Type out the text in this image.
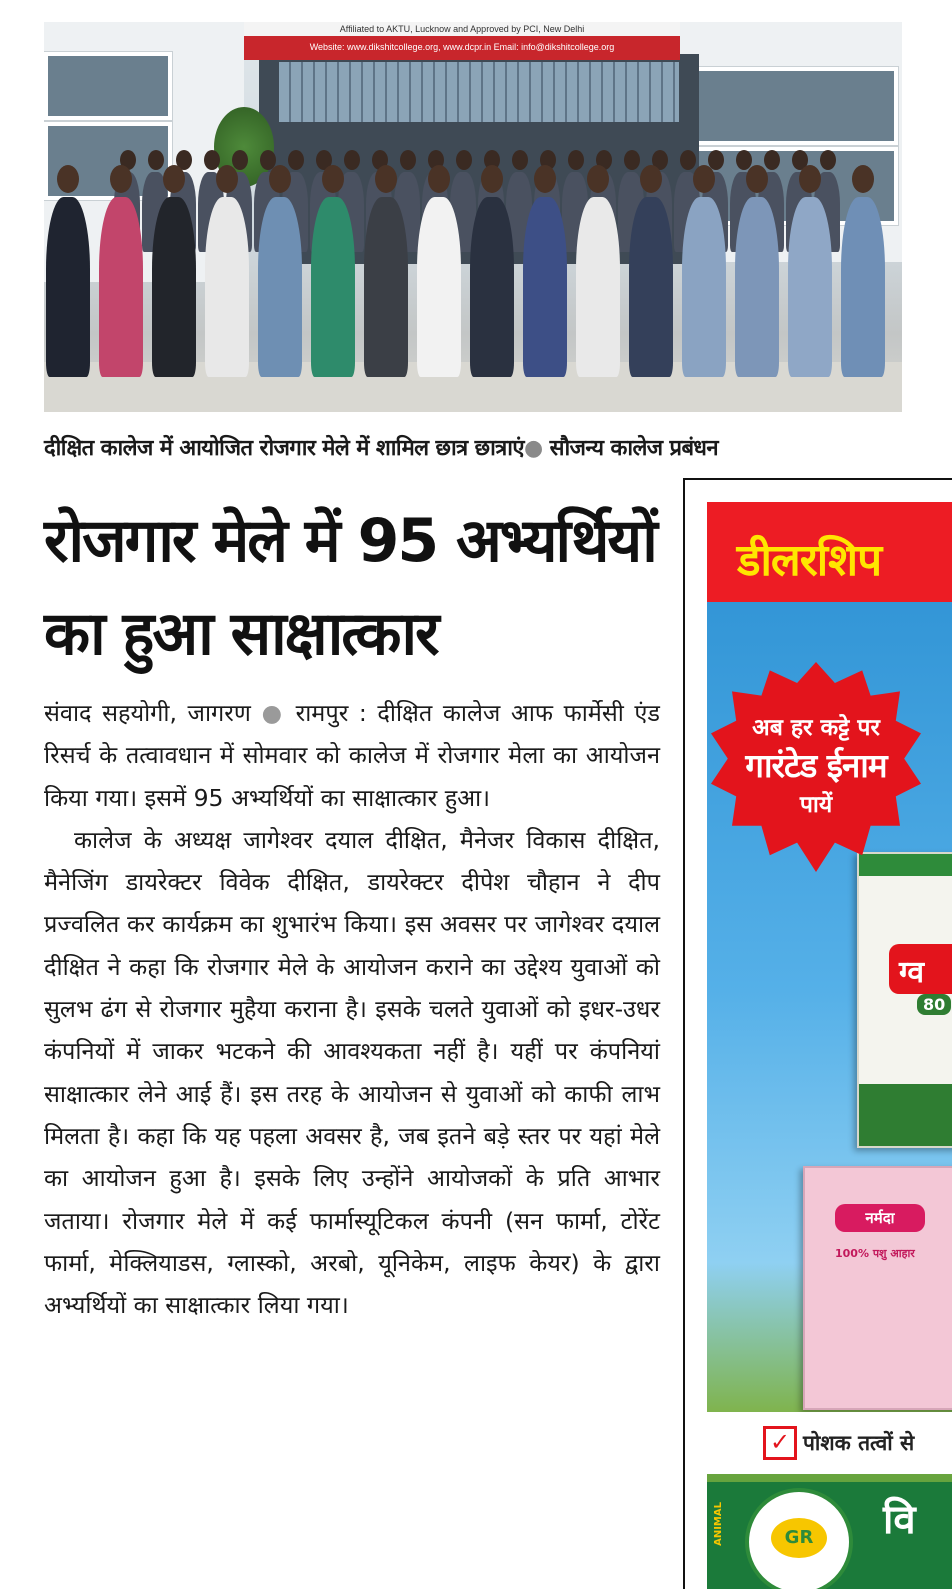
Affiliated to AKTU, Lucknow and Approved by PCI, New Delhi
Website: www.dikshitcollege.org, www.dcpr.in Email: info@dikshitcollege.org
दीक्षित कालेज में आयोजित रोजगार मेले में शामिल छात्र छात्राएं● सौजन्य कालेज प्रबंधन
रोजगार मेले में 95 अभ्यर्थियों
का हुआ साक्षात्कार

संवाद सहयोगी, जागरण ● रामपुर : दीक्षित कालेज आफ फार्मेसी एंड रिसर्च के तत्वावधान में सोमवार को कालेज में रोजगार मेला का आयोजन किया गया। इसमें 95 अभ्यर्थियों का साक्षात्कार हुआ।

कालेज के अध्यक्ष जागेश्वर दयाल दीक्षित, मैनेजर विकास दीक्षित, मैनेजिंग डायरेक्टर विवेक दीक्षित, डायरेक्टर दीपेश चौहान ने दीप प्रज्वलित कर कार्यक्रम का शुभारंभ किया। इस अवसर पर जागेश्वर दयाल दीक्षित ने कहा कि रोजगार मेले के आयोजन कराने का उद्देश्य युवाओं को सुलभ ढंग से रोजगार मुहैया कराना है। इसके चलते युवाओं को इधर-उधर कंपनियों में जाकर भटकने की आवश्यकता नहीं है। यहीं पर कंपनियां साक्षात्कार लेने आई हैं। इस तरह के आयोजन से युवाओं को काफी लाभ मिलता है। कहा कि यह पहला अवसर है, जब इतने बड़े स्तर पर यहां मेले का आयोजन हुआ है। इसके लिए उन्होंने आयोजकों के प्रति आभार जताया। रोजगार मेले में कई फार्मास्यूटिकल कंपनी (सन फार्मा, टोरेंट फार्मा, मेक्लियाडस, ग्लास्को, अरबो, यूनिकेम, लाइफ केयर) के द्वारा अभ्यर्थियों का साक्षात्कार लिया गया।

डीलरशिप
ग्व
80
अब हर कट्टे पर
गारंटेड ईनाम
पायें
नर्मदा
100% पशु आहार
✓ पोशक तत्वों से
ANIMAL	GR	वि
